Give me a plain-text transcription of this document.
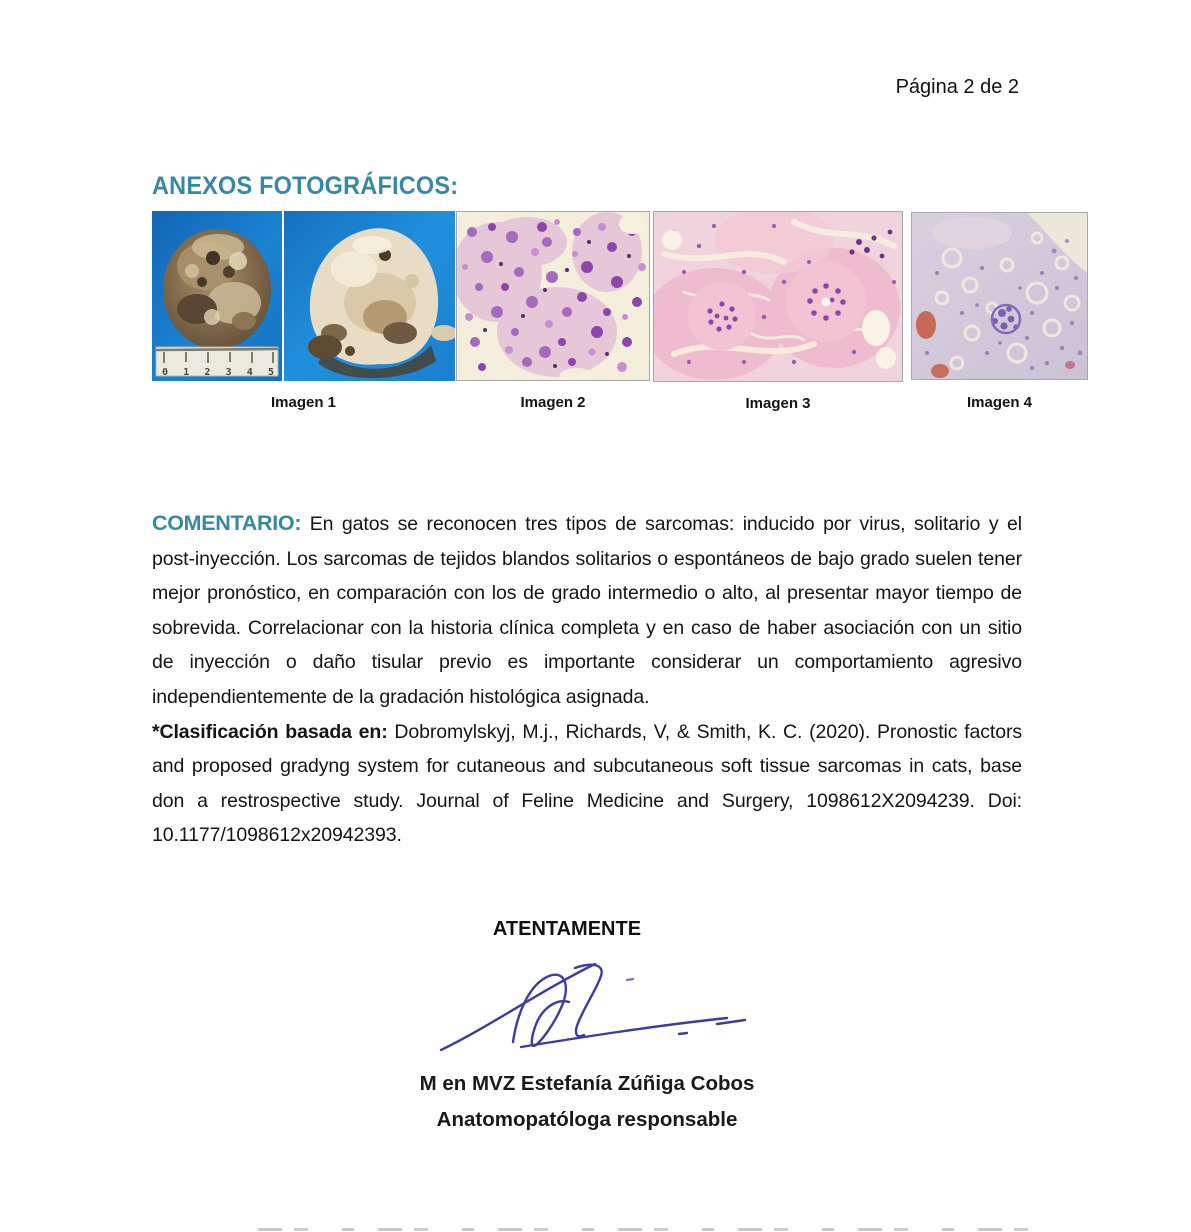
Página 2 de 2
ANEXOS FOTOGRÁFICOS:
0 1 2 3 4 5
Imagen 1	Imagen 2	Imagen 3	Imagen 4

COMENTARIO: En gatos se reconocen tres tipos de sarcomas: inducido por virus, solitario y el post-inyección. Los sarcomas de tejidos blandos solitarios o espontáneos de bajo grado suelen tener mejor pronóstico, en comparación con los de grado intermedio o alto, al presentar mayor tiempo de sobrevida. Correlacionar con la historia clínica completa y en caso de haber asociación con un sitio de inyección o daño tisular previo es importante considerar un comportamiento agresivo independientemente de la gradación histológica asignada.

*Clasificación basada en: Dobromylskyj, M.j., Richards, V, & Smith, K. C. (2020). Pronostic factors and proposed gradyng system for cutaneous and subcutaneous soft tissue sarcomas in cats, base don a restrospective study. Journal of Feline Medicine and Surgery, 1098612X2094239. Doi: 10.1177/1098612x20942393.

ATENTAMENTE
M en MVZ Estefanía Zúñiga Cobos
Anatomopatóloga responsable
